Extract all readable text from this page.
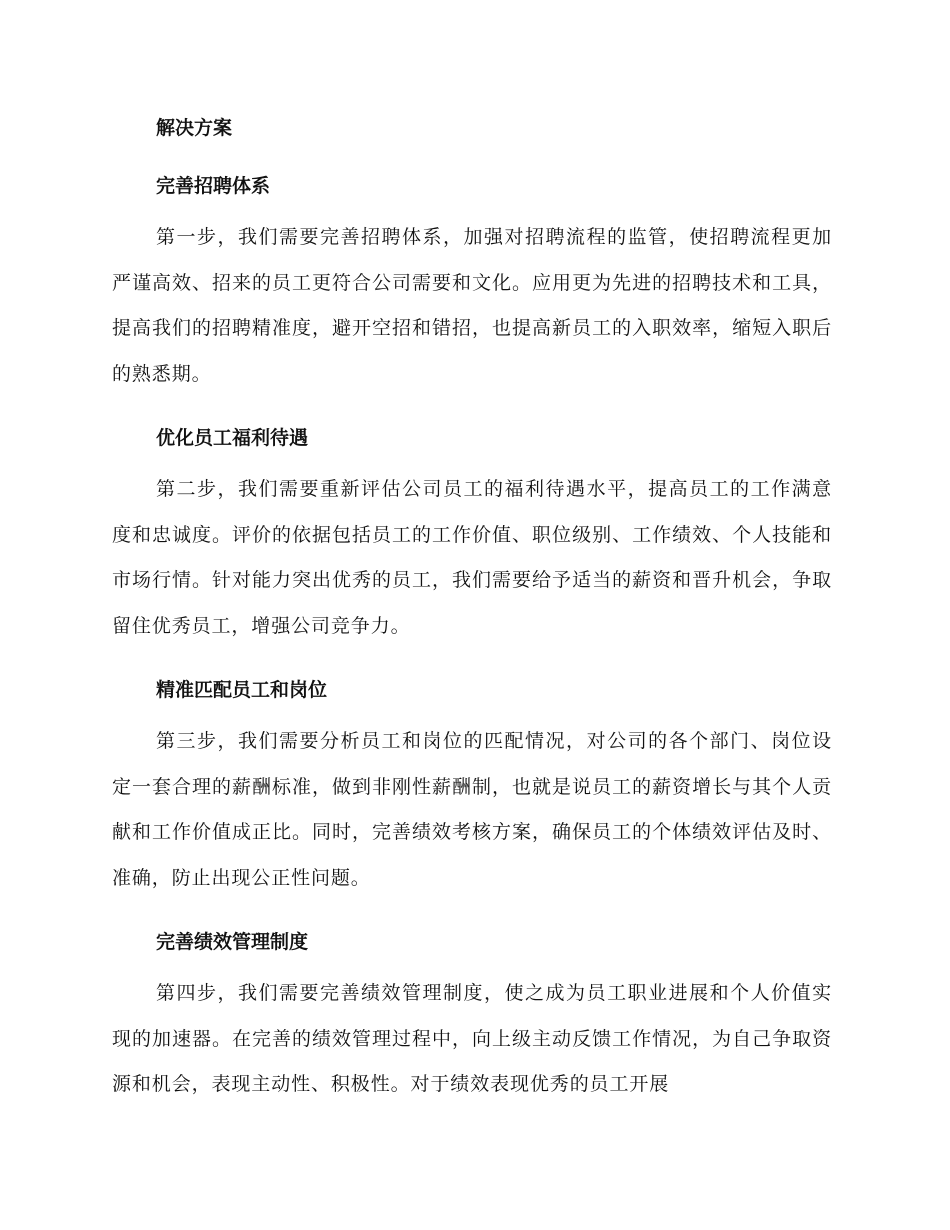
解决方案
完善招聘体系

第一步，我们需要完善招聘体系，加强对招聘流程的监管，使招聘流程更加严谨高效、招来的员工更符合公司需要和文化。应用更为先进的招聘技术和工具，提高我们的招聘精准度，避开空招和错招，也提高新员工的入职效率，缩短入职后的熟悉期。

优化员工福利待遇

第二步，我们需要重新评估公司员工的福利待遇水平，提高员工的工作满意度和忠诚度。评价的依据包括员工的工作价值、职位级别、工作绩效、个人技能和市场行情。针对能力突出优秀的员工，我们需要给予适当的薪资和晋升机会，争取留住优秀员工，增强公司竞争力。

精准匹配员工和岗位

第三步，我们需要分析员工和岗位的匹配情况，对公司的各个部门、岗位设定一套合理的薪酬标准，做到非刚性薪酬制，也就是说员工的薪资增长与其个人贡献和工作价值成正比。同时，完善绩效考核方案，确保员工的个体绩效评估及时、准确，防止出现公正性问题。

完善绩效管理制度

第四步，我们需要完善绩效管理制度，使之成为员工职业进展和个人价值实现的加速器。在完善的绩效管理过程中，向上级主动反馈工作情况，为自己争取资源和机会，表现主动性、积极性。对于绩效表现优秀的员工开展
